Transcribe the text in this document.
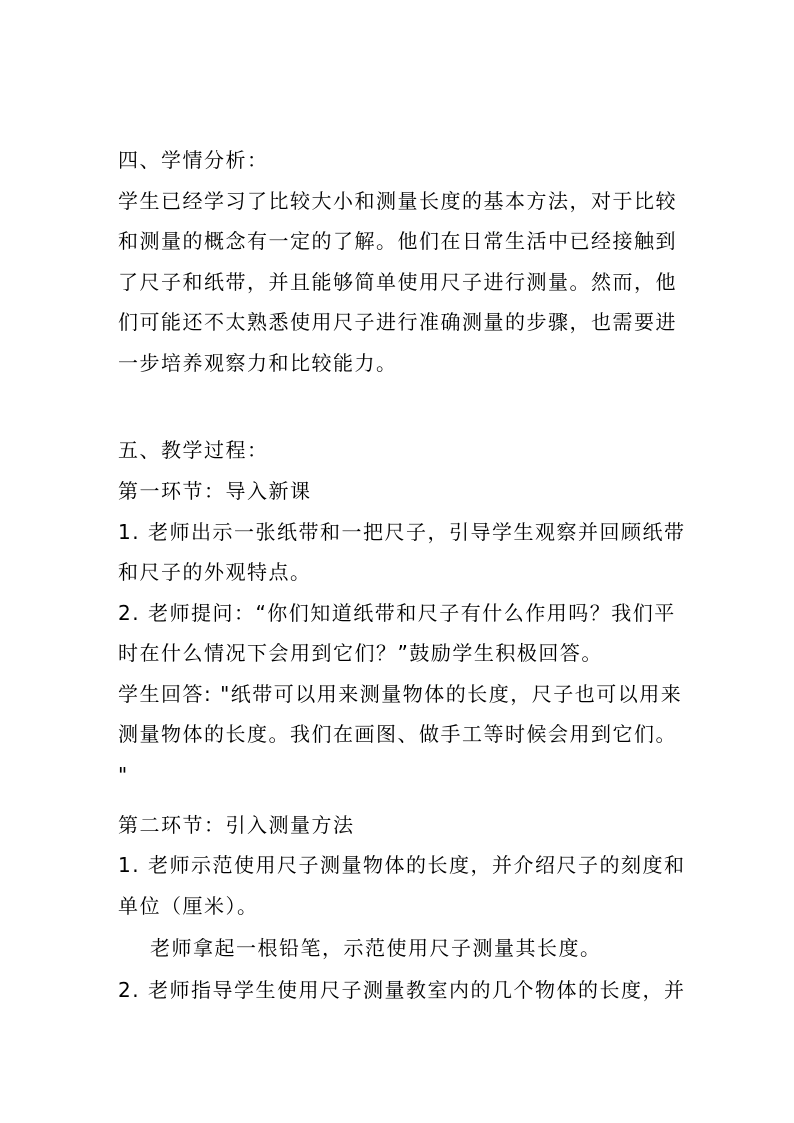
四、学情分析：
学生已经学习了比较大小和测量长度的基本方法，对于比较
和测量的概念有一定的了解。他们在日常生活中已经接触到
了尺子和纸带，并且能够简单使用尺子进行测量。然而，他
们可能还不太熟悉使用尺子进行准确测量的步骤，也需要进
一步培养观察力和比较能力。
五、教学过程：
第一环节：导入新课
1. 老师出示一张纸带和一把尺子，引导学生观察并回顾纸带
和尺子的外观特点。
2. 老师提问：“你们知道纸带和尺子有什么作用吗？我们平
时在什么情况下会用到它们？”鼓励学生积极回答。
学生回答: "纸带可以用来测量物体的长度，尺子也可以用来
测量物体的长度。我们在画图、做手工等时候会用到它们。
"
第二环节：引入测量方法
1. 老师示范使用尺子测量物体的长度，并介绍尺子的刻度和
单位（厘米）。
老师拿起一根铅笔，示范使用尺子测量其长度。
2. 老师指导学生使用尺子测量教室内的几个物体的长度，并
